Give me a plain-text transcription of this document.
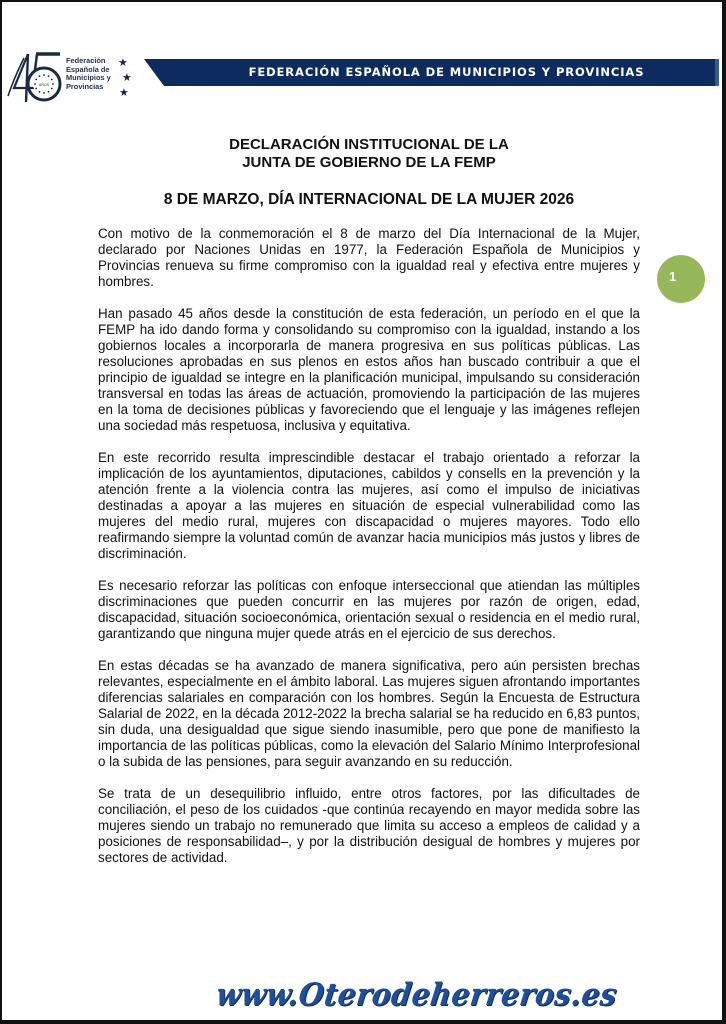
AÑOS
Federación
Española de
Municipios y
Provincias
★
★
★
FEDERACIÓN ESPAÑOLA DE MUNICIPIOS Y PROVINCIAS
DECLARACIÓN INSTITUCIONAL DE LA
JUNTA DE GOBIERNO DE LA FEMP
8 DE MARZO, DÍA INTERNACIONAL DE LA MUJER 2026

Con motivo de la conmemoración el 8 de marzo del Día Internacional de la Mujer, declarado por Naciones Unidas en 1977, la Federación Española de Municipios y Provincias renueva su firme compromiso con la igualdad real y efectiva entre mujeres y hombres.

Han pasado 45 años desde la constitución de esta federación, un período en el que la FEMP ha ido dando forma y consolidando su compromiso con la igualdad, instando a los gobiernos locales a incorporarla de manera progresiva en sus políticas públicas. Las resoluciones aprobadas en sus plenos en estos años han buscado contribuir a que el principio de igualdad se integre en la planificación municipal, impulsando su consideración transversal en todas las áreas de actuación, promoviendo la participación de las mujeres en la toma de decisiones públicas y favoreciendo que el lenguaje y las imágenes reflejen una sociedad más respetuosa, inclusiva y equitativa.

En este recorrido resulta imprescindible destacar el trabajo orientado a reforzar la implicación de los ayuntamientos, diputaciones, cabildos y consells en la prevención y la atención frente a la violencia contra las mujeres, así como el impulso de iniciativas destinadas a apoyar a las mujeres en situación de especial vulnerabilidad como las mujeres del medio rural, mujeres con discapacidad o mujeres mayores. Todo ello reafirmando siempre la voluntad común de avanzar hacia municipios más justos y libres de discriminación.

Es necesario reforzar las políticas con enfoque interseccional que atiendan las múltiples discriminaciones que pueden concurrir en las mujeres por razón de origen, edad, discapacidad, situación socioeconómica, orientación sexual o residencia en el medio rural, garantizando que ninguna mujer quede atrás en el ejercicio de sus derechos.

En estas décadas se ha avanzado de manera significativa, pero aún persisten brechas relevantes, especialmente en el ámbito laboral. Las mujeres siguen afrontando importantes diferencias salariales en comparación con los hombres. Según la Encuesta de Estructura Salarial de 2022, en la década 2012-2022 la brecha salarial se ha reducido en 6,83 puntos, sin duda, una desigualdad que sigue siendo inasumible, pero que pone de manifiesto la importancia de las políticas públicas, como la elevación del Salario Mínimo Interprofesional o la subida de las pensiones, para seguir avanzando en su reducción.

Se trata de un desequilibrio influido, entre otros factores, por las dificultades de conciliación, el peso de los cuidados -que continúa recayendo en mayor medida sobre las mujeres siendo un trabajo no remunerado que limita su acceso a empleos de calidad y a posiciones de responsabilidad–, y por la distribución desigual de hombres y mujeres por sectores de actividad.

1
www.Oterodeherreros.es
